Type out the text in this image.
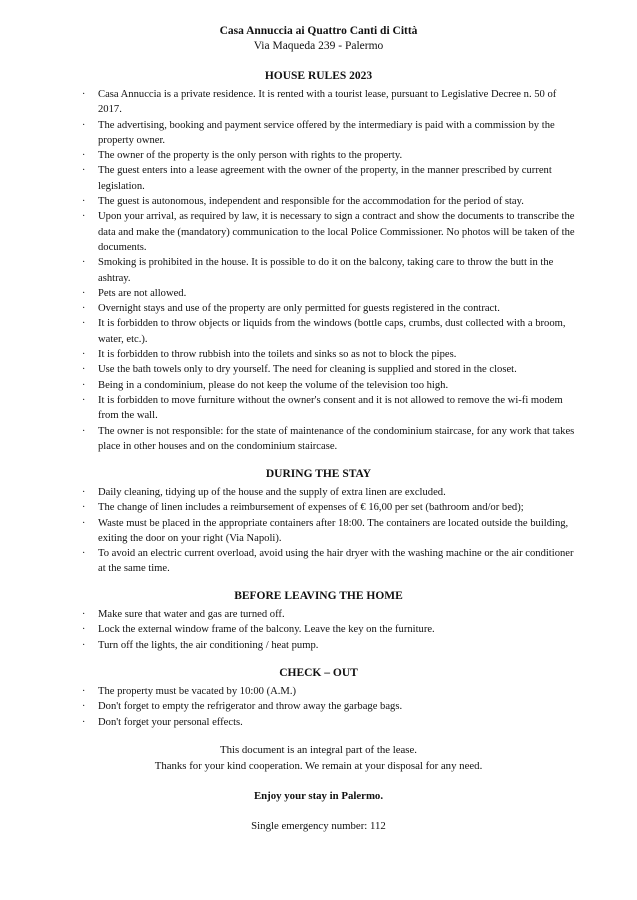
Casa Annuccia ai Quattro Canti di Città
Via Maqueda 239 - Palermo
HOUSE RULES 2023
· Casa Annuccia is a private residence. It is rented with a tourist lease, pursuant to Legislative Decree n. 50 of 2017.
· The advertising, booking and payment service offered by the intermediary is paid with a commission by the property owner.
· The owner of the property is the only person with rights to the property.
· The guest enters into a lease agreement with the owner of the property, in the manner prescribed by current legislation.
· The guest is autonomous, independent and responsible for the accommodation for the period of stay.
· Upon your arrival, as required by law, it is necessary to sign a contract and show the documents to transcribe the data and make the (mandatory) communication to the local Police Commissioner. No photos will be taken of the documents.
· Smoking is prohibited in the house. It is possible to do it on the balcony, taking care to throw the butt in the ashtray.
· Pets are not allowed.
· Overnight stays and use of the property are only permitted for guests registered in the contract.
· It is forbidden to throw objects or liquids from the windows (bottle caps, crumbs, dust collected with a broom, water, etc.).
· It is forbidden to throw rubbish into the toilets and sinks so as not to block the pipes.
· Use the bath towels only to dry yourself. The need for cleaning is supplied and stored in the closet.
· Being in a condominium, please do not keep the volume of the television too high.
· It is forbidden to move furniture without the owner's consent and it is not allowed to remove the wi-fi modem from the wall.
· The owner is not responsible: for the state of maintenance of the condominium staircase, for any work that takes place in other houses and on the condominium staircase.
DURING THE STAY
· Daily cleaning, tidying up of the house and the supply of extra linen are excluded.
· The change of linen includes a reimbursement of expenses of € 16,00 per set (bathroom and/or bed);
· Waste must be placed in the appropriate containers after 18:00. The containers are located outside the building, exiting the door on your right (Via Napoli).
· To avoid an electric current overload, avoid using the hair dryer with the washing machine or the air conditioner at the same time.
BEFORE LEAVING THE HOME
· Make sure that water and gas are turned off.
· Lock the external window frame of the balcony. Leave the key on the furniture.
· Turn off the lights, the air conditioning / heat pump.
CHECK – OUT
· The property must be vacated by 10:00 (A.M.)
· Don't forget to empty the refrigerator and throw away the garbage bags.
· Don't forget your personal effects.
This document is an integral part of the lease.
Thanks for your kind cooperation. We remain at your disposal for any need.
Enjoy your stay in Palermo.
Single emergency number: 112
